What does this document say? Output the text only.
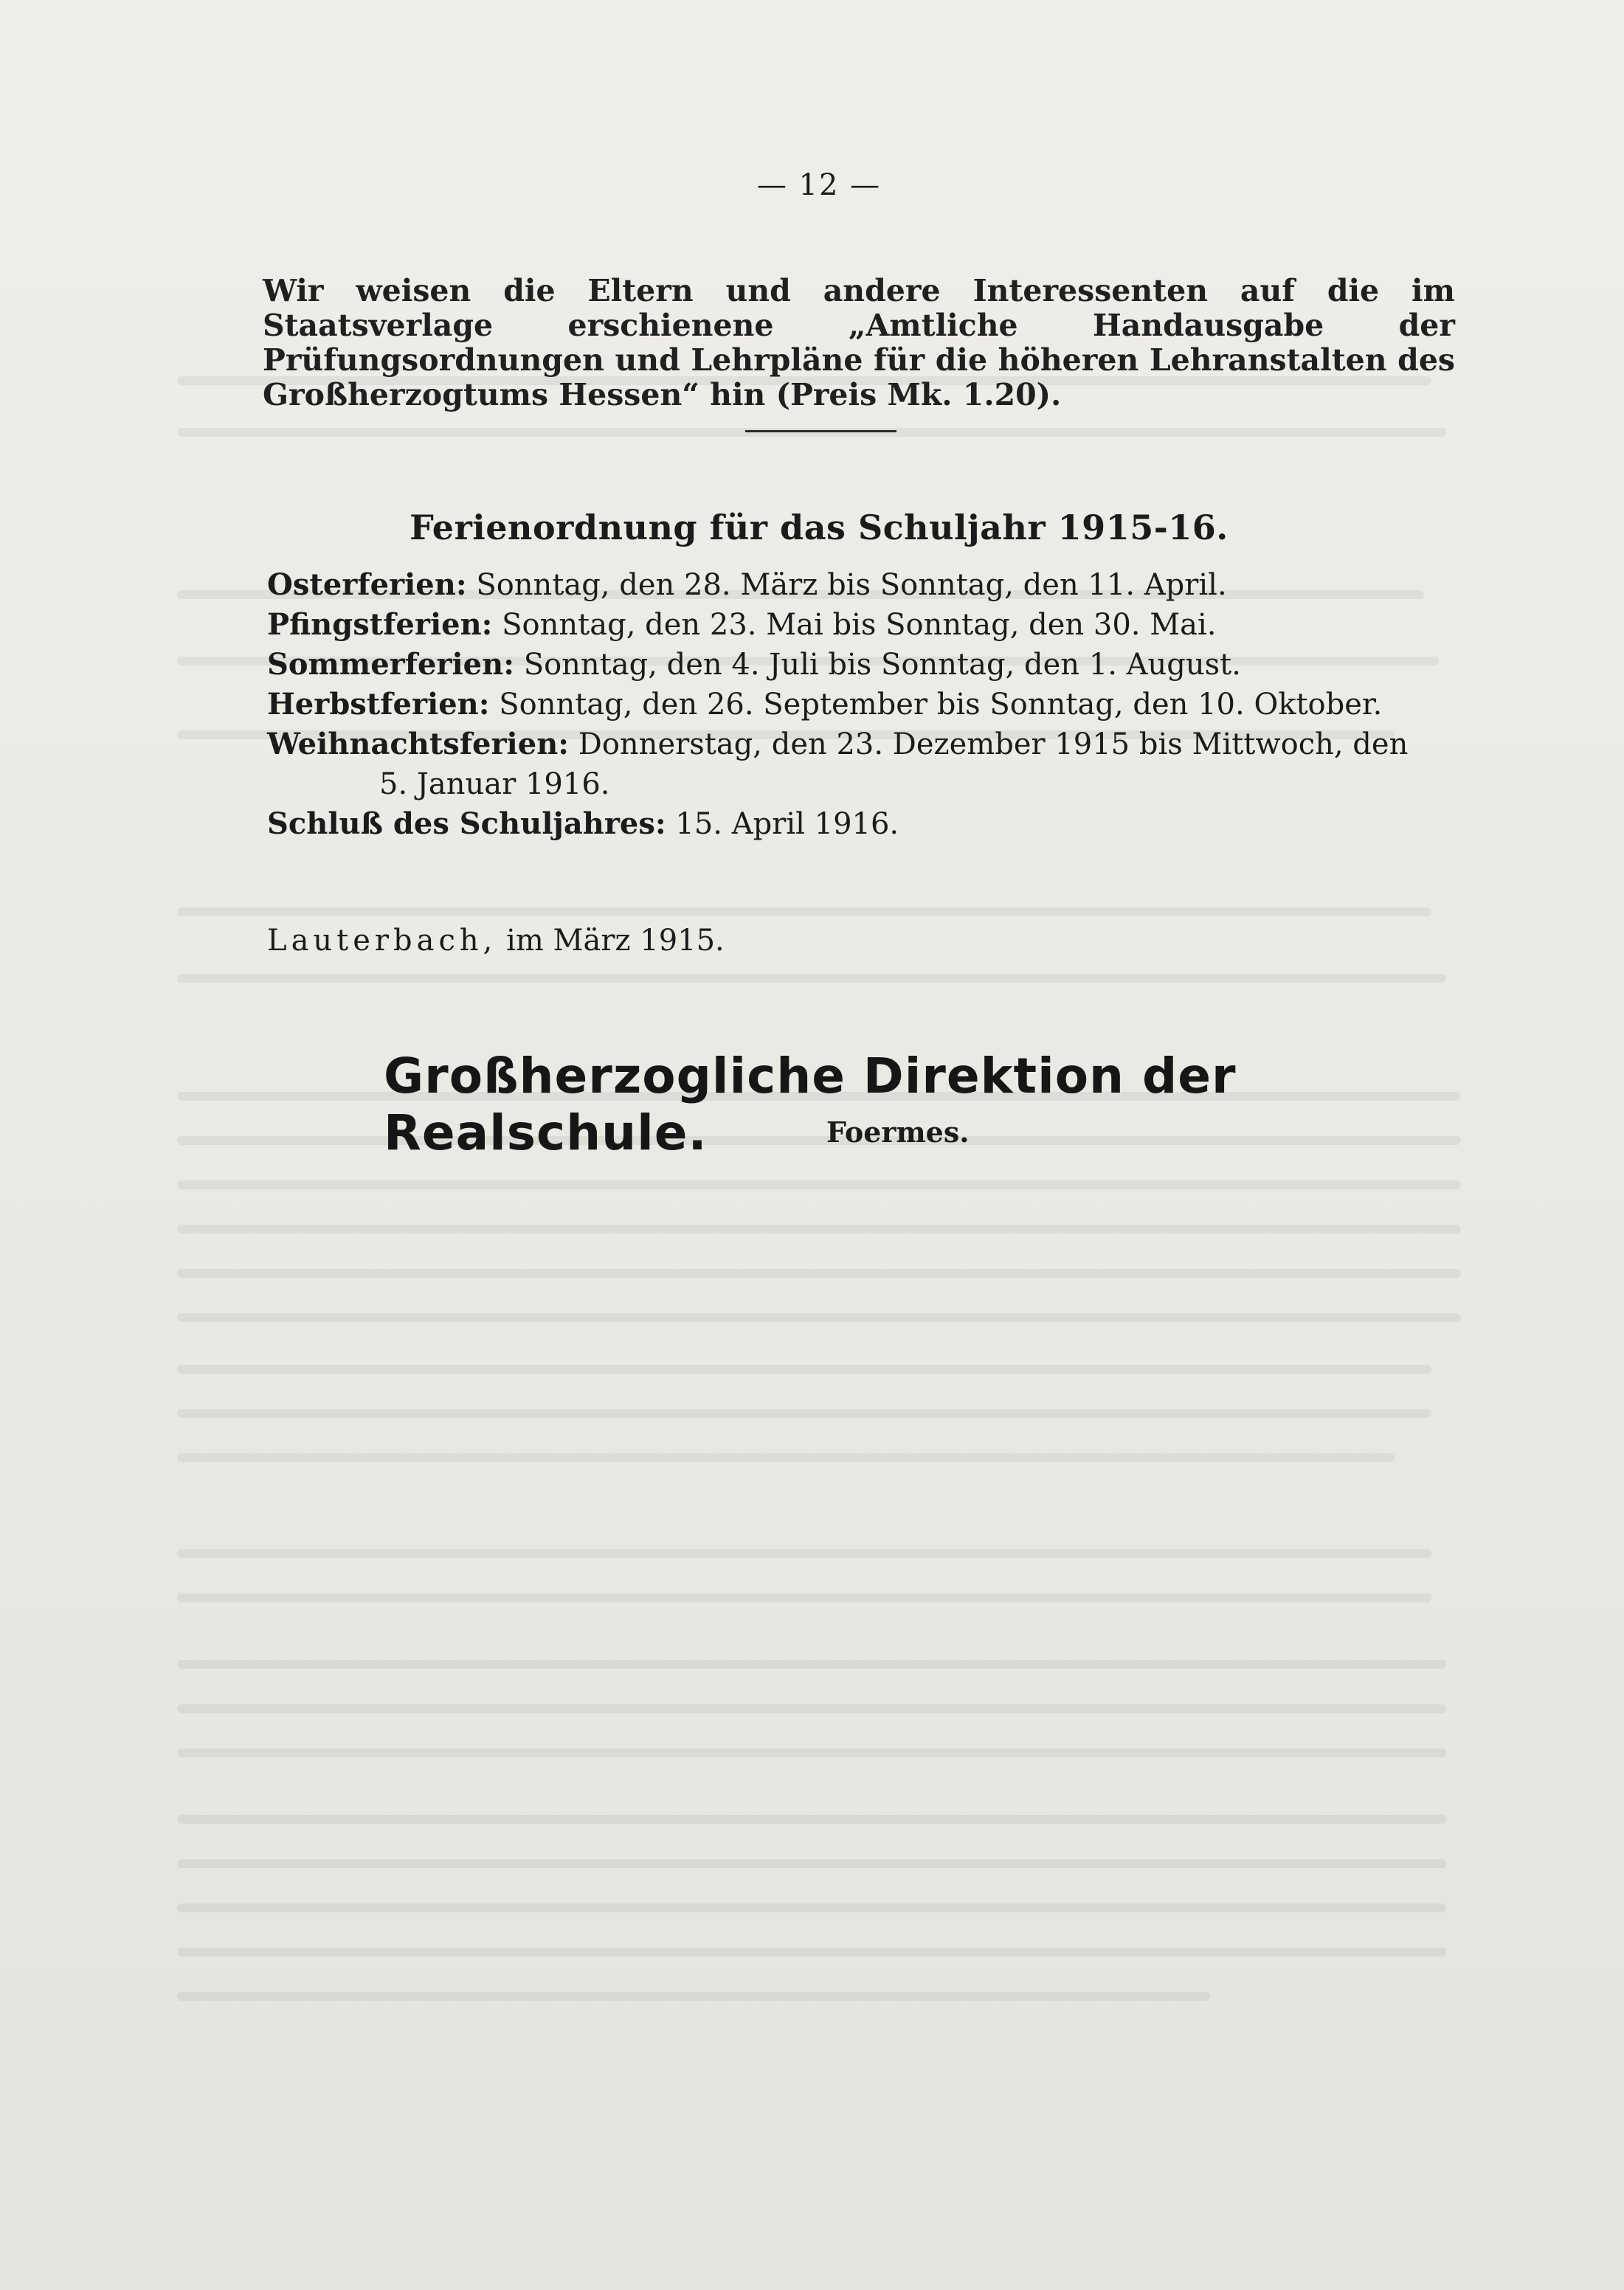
— 12 —

Wir weisen die Eltern und andere Interessenten auf die im Staatsverlage erschienene „Amtliche Handausgabe der Prüfungsordnungen und Lehrpläne für die höheren Lehranstalten des Großherzogtums Hessen“ hin (Preis Mk. 1.20).

Ferienordnung für das Schuljahr 1915-16.
Osterferien: Sonntag, den 28. März bis Sonntag, den 11. April.
Pfingstferien: Sonntag, den 23. Mai bis Sonntag, den 30. Mai.
Sommerferien: Sonntag, den 4. Juli bis Sonntag, den 1. August.
Herbstferien: Sonntag, den 26. September bis Sonntag, den 10. Oktober.
Weihnachtsferien: Donnerstag, den 23. Dezember 1915 bis Mittwoch, den
5. Januar 1916.
Schluß des Schuljahres: 15. April 1916.
Lauterbach, im März 1915.
Großherzogliche Direktion der Realschule.	Foermes.
